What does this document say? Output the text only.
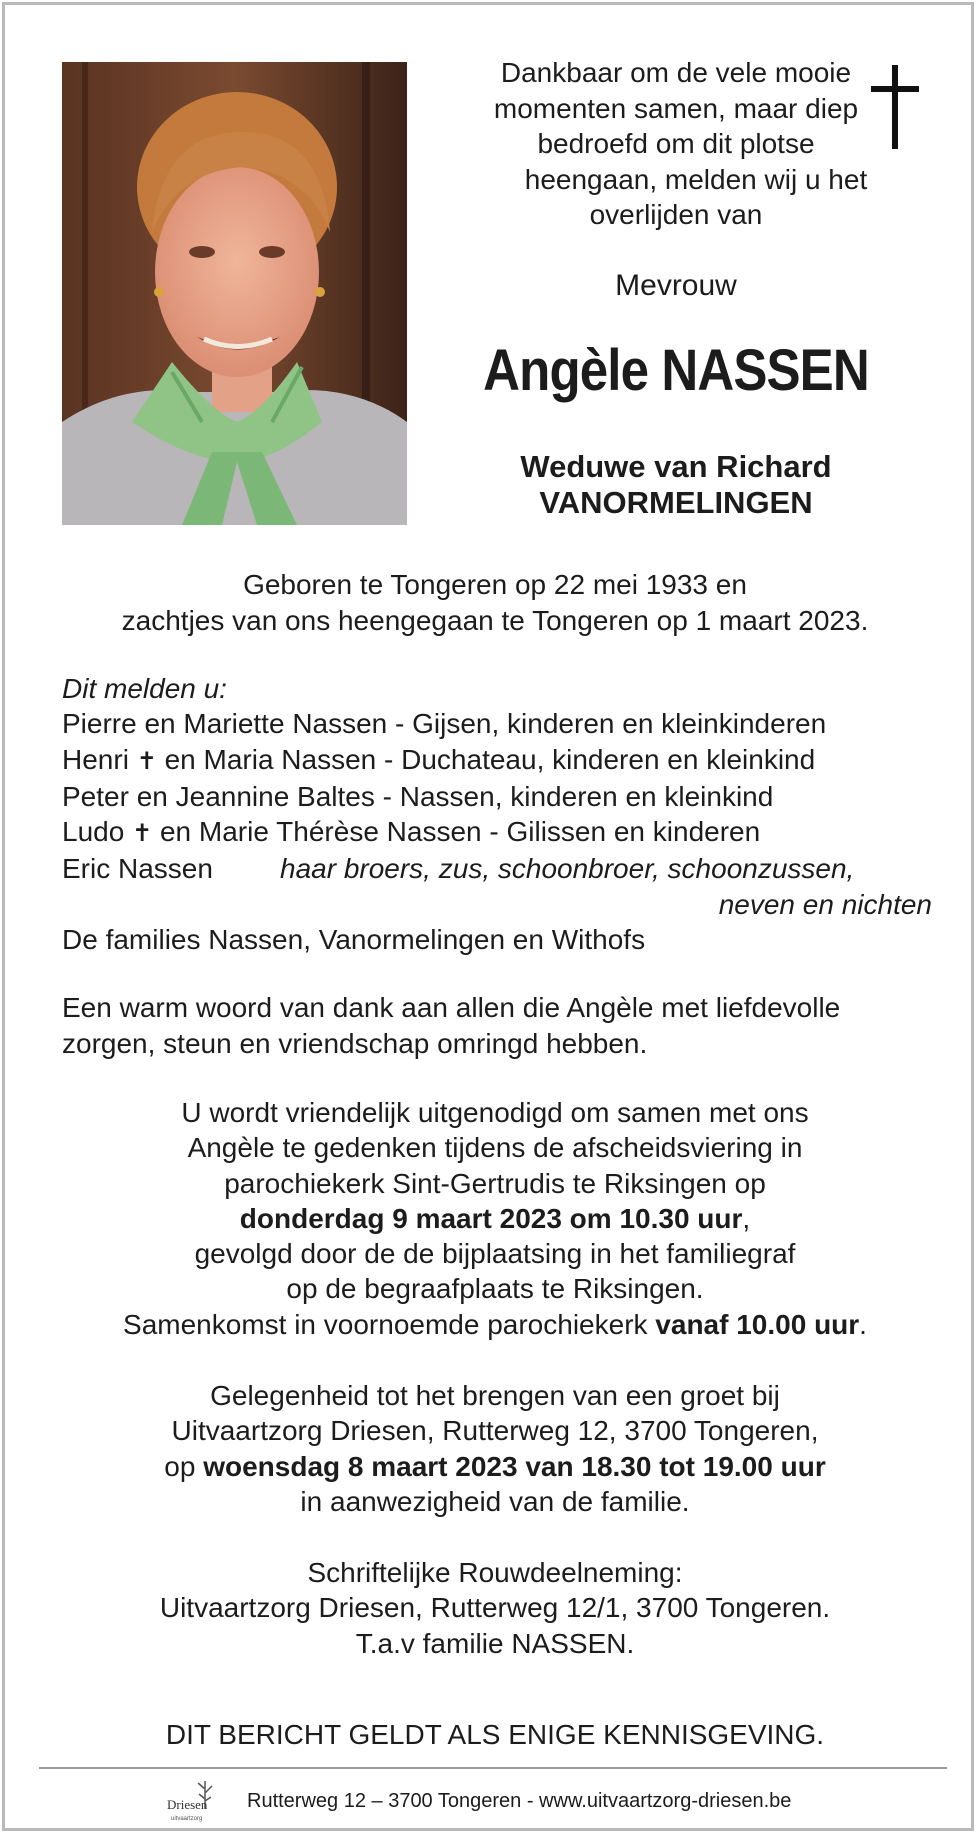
Dankbaar om de vele mooie
momenten samen, maar diep
bedroefd om dit plotse
heengaan, melden wij u het
overlijden van
Mevrouw
Angèle NASSEN
Weduwe van Richard
VANORMELINGEN
Geboren te Tongeren op 22 mei 1933 en
zachtjes van ons heengegaan te Tongeren op 1 maart 2023.
Dit melden u:
Pierre en Mariette Nassen - Gijsen, kinderen en kleinkinderen
Henri ✝ en Maria Nassen - Duchateau, kinderen en kleinkind
Peter en Jeannine Baltes - Nassen, kinderen en kleinkind
Ludo ✝ en Marie Thérèse Nassen - Gilissen en kinderen
Eric Nassen haar broers, zus, schoonbroer, schoonzussen,
neven en nichten
De families Nassen, Vanormelingen en Withofs
Een warm woord van dank aan allen die Angèle met liefdevolle
zorgen, steun en vriendschap omringd hebben.
U wordt vriendelijk uitgenodigd om samen met ons
Angèle te gedenken tijdens de afscheidsviering in
parochiekerk Sint-Gertrudis te Riksingen op
donderdag 9 maart 2023 om 10.30 uur,
gevolgd door de de bijplaatsing in het familiegraf
op de begraafplaats te Riksingen.
Samenkomst in voornoemde parochiekerk vanaf 10.00 uur.
Gelegenheid tot het brengen van een groet bij
Uitvaartzorg Driesen, Rutterweg 12, 3700 Tongeren,
op woensdag 8 maart 2023 van 18.30 tot 19.00 uur
in aanwezigheid van de familie.
Schriftelijke Rouwdeelneming:
Uitvaartzorg Driesen, Rutterweg 12/1, 3700 Tongeren.
T.a.v familie NASSEN.
DIT BERICHT GELDT ALS ENIGE KENNISGEVING.
Driesen
uitvaartzorg
Rutterweg 12 – 3700 Tongeren - www.uitvaartzorg-driesen.be
